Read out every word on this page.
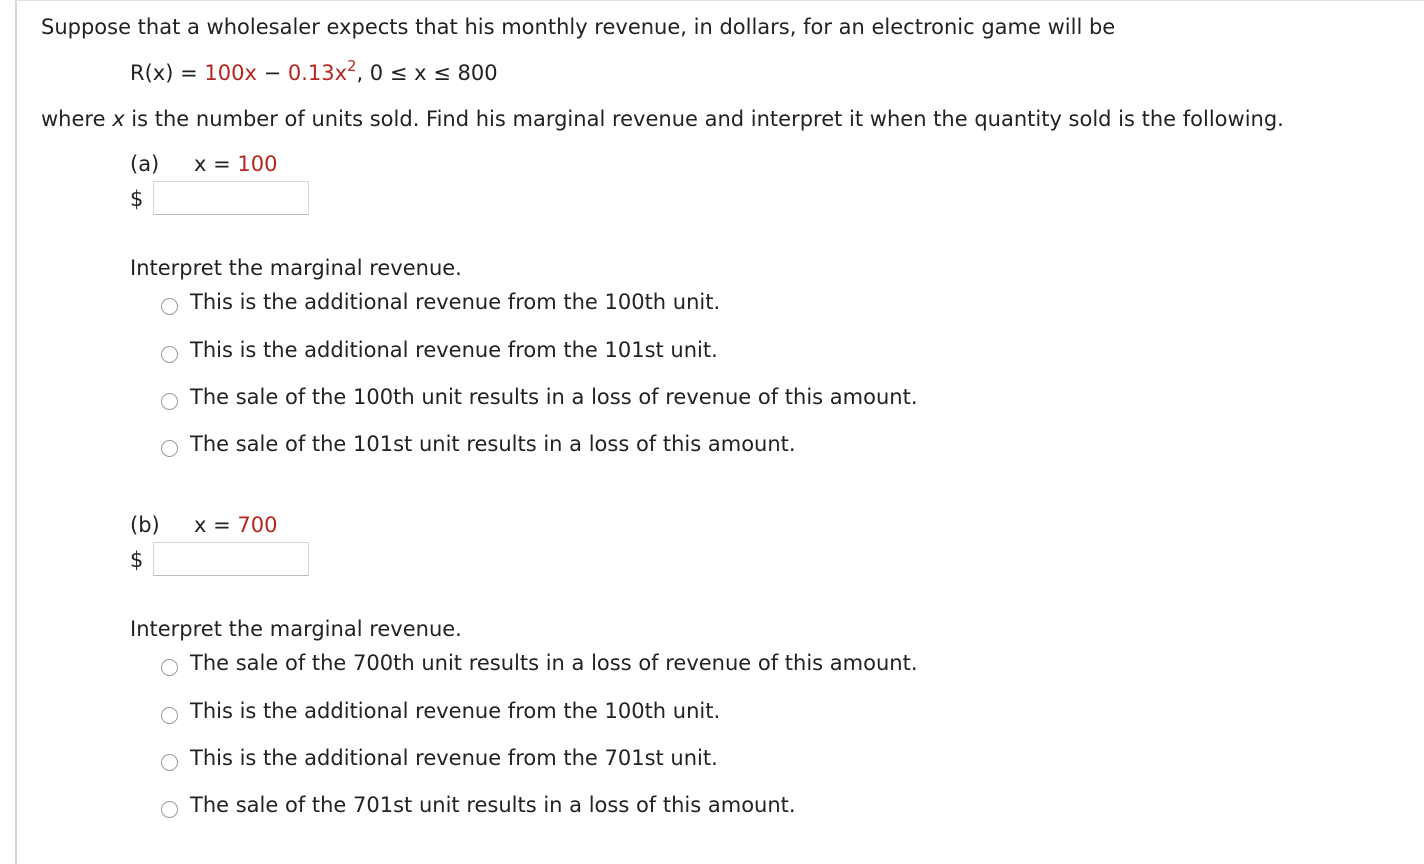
Suppose that a wholesaler expects that his monthly revenue, in dollars, for an electronic game will be
$R(x) = 100x - 0.13x^2$, 0 ≤ x ≤ 800
where x is the number of units sold. Find his marginal revenue and interpret it when the quantity sold is the following.
(a) x = 100
$
Interpret the marginal revenue.
This is the additional revenue from the 100th unit.
This is the additional revenue from the 101st unit.
The sale of the 100th unit results in a loss of revenue of this amount.
The sale of the 101st unit results in a loss of this amount.
(b) x = 700
$
Interpret the marginal revenue.
The sale of the 700th unit results in a loss of revenue of this amount.
This is the additional revenue from the 100th unit.
This is the additional revenue from the 701st unit.
The sale of the 701st unit results in a loss of this amount.
